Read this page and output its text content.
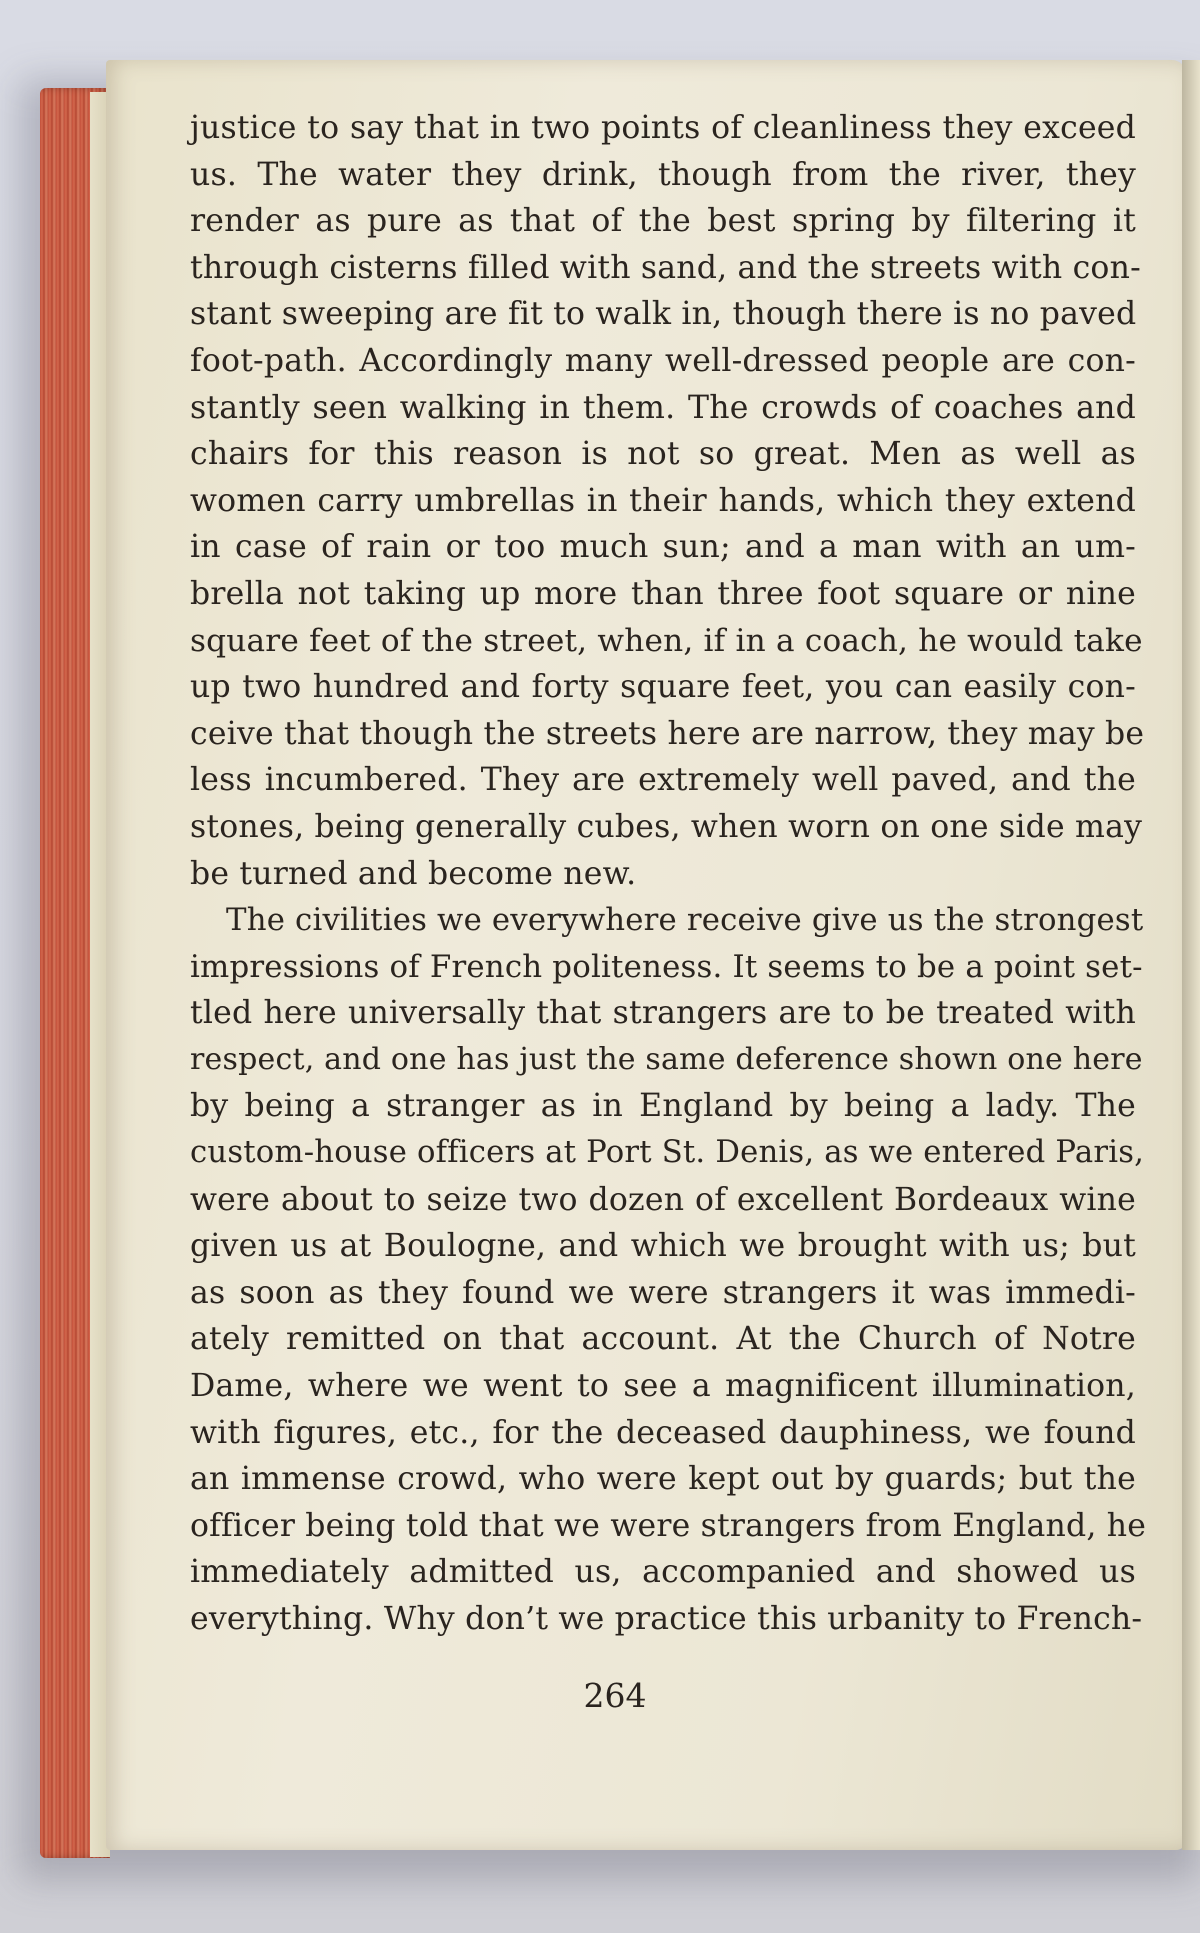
justice to say that in two points of cleanliness they exceed
us. The water they drink, though from the river, they
render as pure as that of the best spring by filtering it
through cisterns filled with sand, and the streets with con-
stant sweeping are fit to walk in, though there is no paved
foot-path. Accordingly many well-dressed people are con-
stantly seen walking in them. The crowds of coaches and
chairs for this reason is not so great. Men as well as
women carry umbrellas in their hands, which they extend
in case of rain or too much sun; and a man with an um-
brella not taking up more than three foot square or nine
square feet of the street, when, if in a coach, he would take
up two hundred and forty square feet, you can easily con-
ceive that though the streets here are narrow, they may be
less incumbered. They are extremely well paved, and the
stones, being generally cubes, when worn on one side may
be turned and become new.
The civilities we everywhere receive give us the strongest
impressions of French politeness. It seems to be a point set-
tled here universally that strangers are to be treated with
respect, and one has just the same deference shown one here
by being a stranger as in England by being a lady. The
custom-house officers at Port St. Denis, as we entered Paris,
were about to seize two dozen of excellent Bordeaux wine
given us at Boulogne, and which we brought with us; but
as soon as they found we were strangers it was immedi-
ately remitted on that account. At the Church of Notre
Dame, where we went to see a magnificent illumination,
with figures, etc., for the deceased dauphiness, we found
an immense crowd, who were kept out by guards; but the
officer being told that we were strangers from England, he
immediately admitted us, accompanied and showed us
everything. Why don’t we practice this urbanity to French-
264
